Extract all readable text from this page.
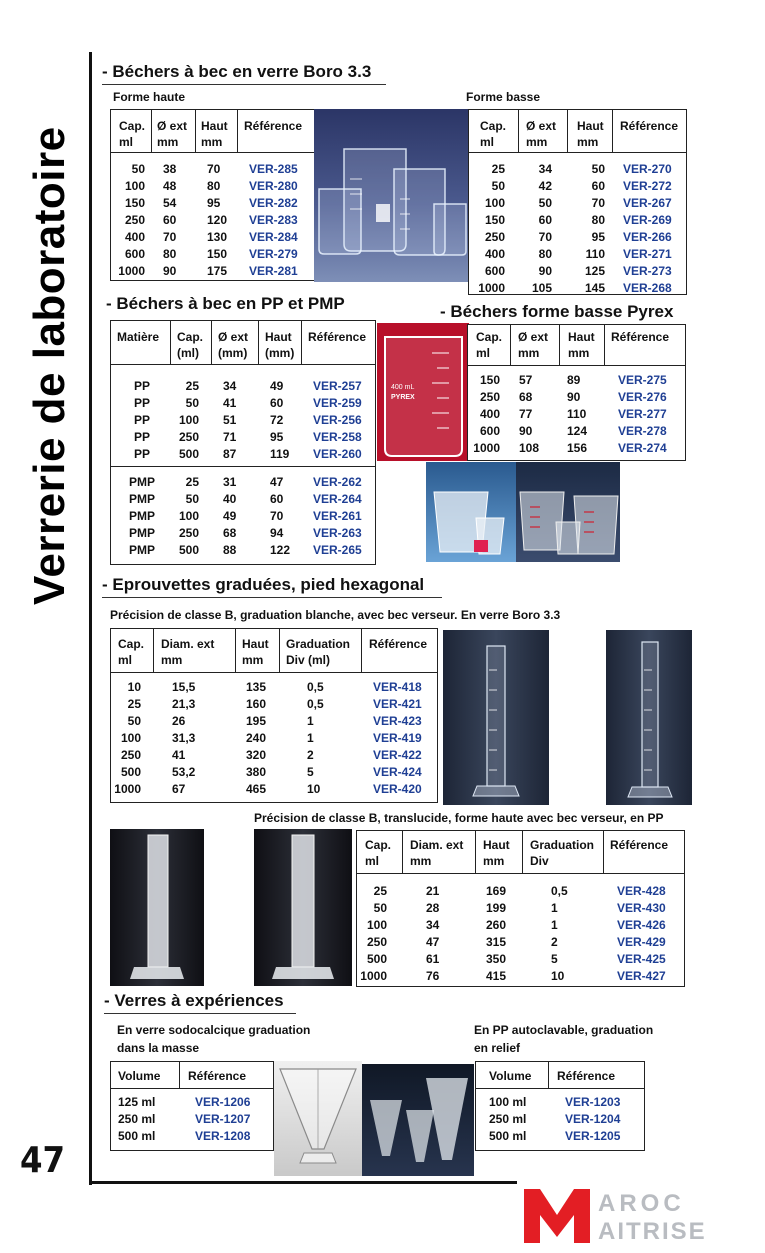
Verrerie de laboratoire
47
- Béchers à bec en verre Boro 3.3
Forme haute
Cap.
ml
Ø ext
mm
Haut
mm
Référence
50
100
150
250
400
600
1000
38
48
54
60
70
80
90
70
80
95
120
130
150
175
VER-285
VER-280
VER-282
VER-283
VER-284
VER-279
VER-281
Forme basse
Cap.
ml
Ø ext
mm
Haut
mm
Référence
25
50
100
150
250
400
600
1000
34
42
50
60
70
80
90
105
50
60
70
80
95
110
125
145
VER-270
VER-272
VER-267
VER-269
VER-266
VER-271
VER-273
VER-268
- Béchers à bec en PP et PMP
Matière Cap.
(ml)
Ø ext
(mm)
Haut
(mm)
Référence
PP
PP
PP
PP
PP
25
50
100
250
500
34
41
51
71
87
49
60
72
95
119
VER-257
VER-259
VER-256
VER-258
VER-260
PMP
PMP
PMP
PMP
PMP
25
50
100
250
500
31
40
49
68
88
47
60
70
94
122
VER-262
VER-264
VER-261
VER-263
VER-265
400 mL
PYREX
- Béchers forme basse Pyrex
Cap.
ml
Ø ext
mm
Haut
mm
Référence
150
250
400
600
1000
57
68
77
90
108
89
90
110
124
156
VER-275
VER-276
VER-277
VER-278
VER-274
- Eprouvettes graduées, pied hexagonal
Précision de classe B, graduation blanche, avec bec verseur. En verre Boro 3.3
Cap.
ml
Diam. ext
mm
Haut
mm
Graduation
Div (ml)
Référence
10
25
50
100
250
500
1000
15,5
21,3
26
31,3
41
53,2
67
135
160
195
240
320
380
465
0,5
0,5
1
1
2
5
10
VER-418
VER-421
VER-423
VER-419
VER-422
VER-424
VER-420
Précision de classe B, translucide, forme haute avec bec verseur, en PP
Cap.
ml
Diam. ext
mm
Haut
mm
Graduation
Div
Référence
25
50
100
250
500
1000
21
28
34
47
61
76
169
199
260
315
350
415
0,5
1
1
2
5
10
VER-428
VER-430
VER-426
VER-429
VER-425
VER-427
- Verres à expériences
En verre sodocalcique graduation
dans la masse
En PP autoclavable, graduation
en relief
Volume Référence
125 ml
250 ml
500 ml
VER-1206
VER-1207
VER-1208
Volume Référence
100 ml
250 ml
500 ml
VER-1203
VER-1204
VER-1205
AROC
AITRISE
